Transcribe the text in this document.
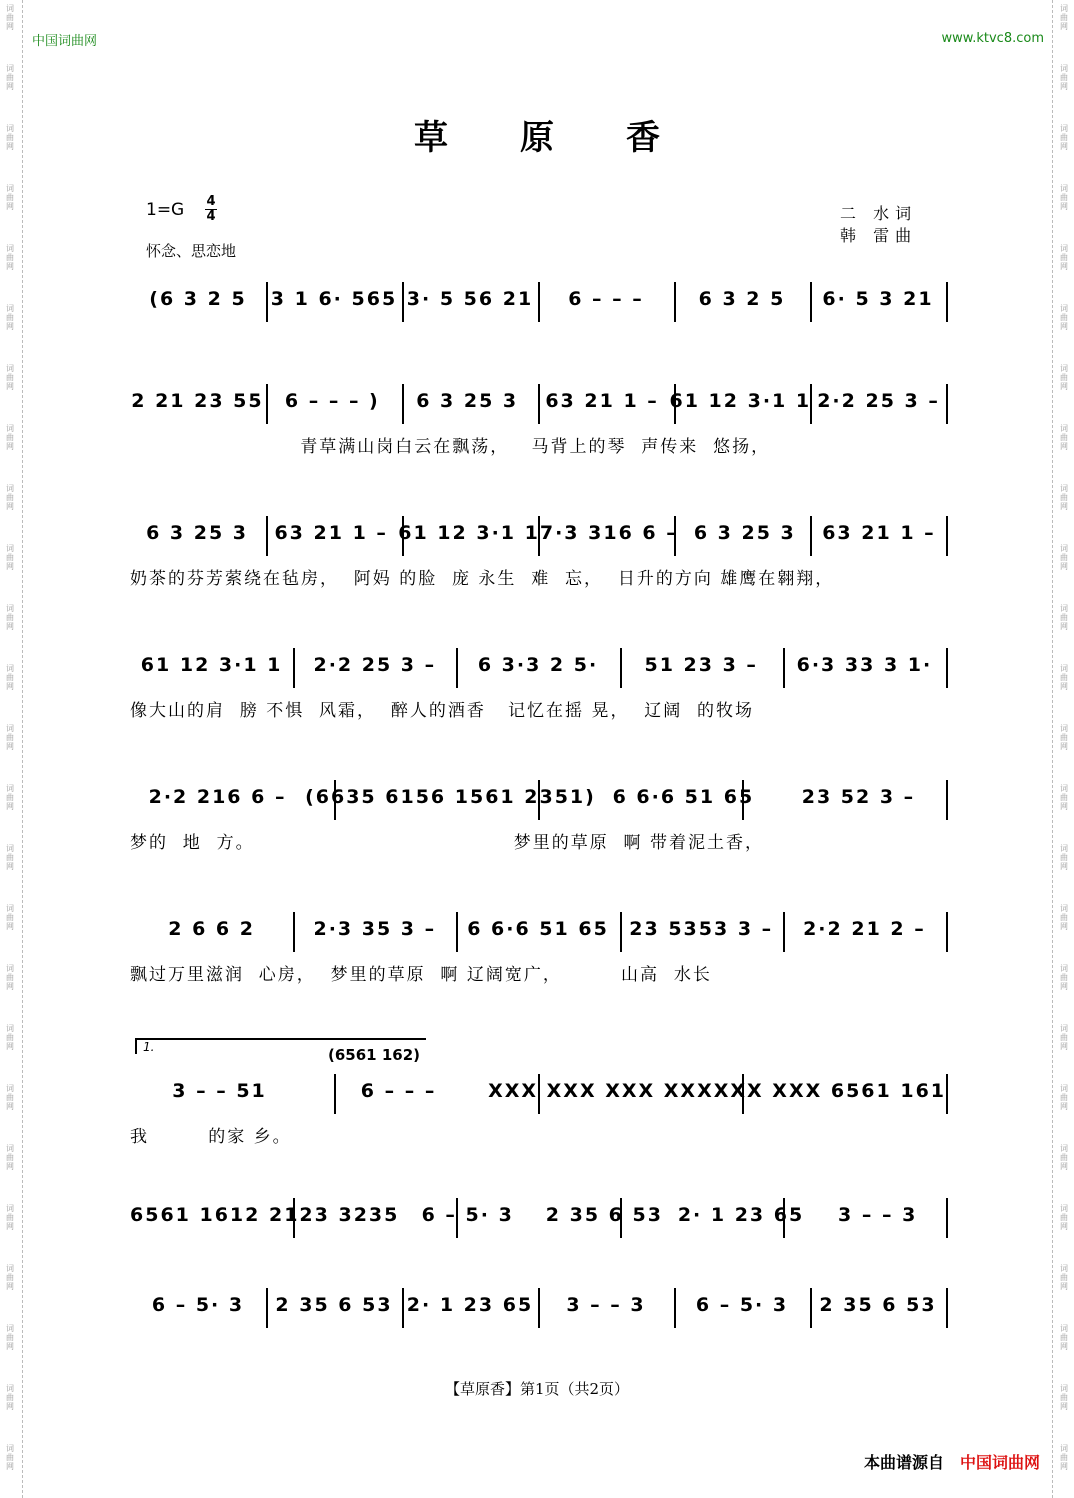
词
曲
网
词
曲
网
词
曲
网
词
曲
网
词
曲
网
词
曲
网
词
曲
网
词
曲
网
词
曲
网
词
曲
网
词
曲
网
词
曲
网
词
曲
网
词
曲
网
词
曲
网
词
曲
网
词
曲
网
词
曲
网
词
曲
网
词
曲
网
词
曲
网
词
曲
网
词
曲
网
词
曲
网
词
曲
网
词
曲
网
词
曲
网
词
曲
网
词
曲
网
词
曲
网
词
曲
网
词
曲
网
词
曲
网
词
曲
网
词
曲
网
词
曲
网
词
曲
网
词
曲
网
词
曲
网
词
曲
网
词
曲
网
词
曲
网
词
曲
网
词
曲
网
词
曲
网
词
曲
网
词
曲
网
词
曲
网
词
曲
网
词
曲
网
中国词曲网	www.ktvc8.com
草原香
1=G 4
4
怀念、思恋地
二 水词
韩 雷曲
(6 3 2 5	3 1 6· 565 3· 5 56 21	6 – – –	6 3 2 5	6· 5 3 21
2 21 23 55	6 – – – )	6 3 25 3	63 21 1 – 61 12 3·1 1 2·2 25 3 –
青草满山岗白云在飘荡，   马背上的琴  声传来  悠扬，
6 3 25 3	63 21 1 – 61 12 3·1 1 7·3 316 6 – 6 3 25 3	63 21 1 –
奶茶的芬芳萦绕在毡房，  阿妈 的脸  庞 永生  难  忘，  日升的方向 雄鹰在翱翔，
61 12 3·1 1	2·2 25 3 –	6 3·3 2 5·	51 23 3 –	6·3 33 3 1·
像大山的肩  膀 不惧  风霜，  醉人的酒香   记忆在摇 晃，  辽阔  的牧场
2·2 216 6 – (6635 6156 1561 2351) 6 6·6 51 65	23 52 3 –
梦的  地  方。                                   梦里的草原  啊 带着泥土香，
2 6 6 2	2·3 35 3 –	6 6·6 51 65	23 5353 3 –	2·2 21 2 –
飘过万里滋润  心房，  梦里的草原  啊 辽阔宽广，        山高  水长
3 – – 51	6 – – –	XXX XXX XXX XXX XXX XXX 6561 161
我        的家 乡。
6561 1612 2123 3235	6 – 5· 3	2 35 6 53 2· 1 23 65	3 – – 3
6 – 5· 3	2 35 6 53 2· 1 23 65	3 – – 3	6 – 5· 3	2 35 6 53
1.	(6561 162)
【草原香】第1页（共2页）
本曲谱源自 中国词曲网
